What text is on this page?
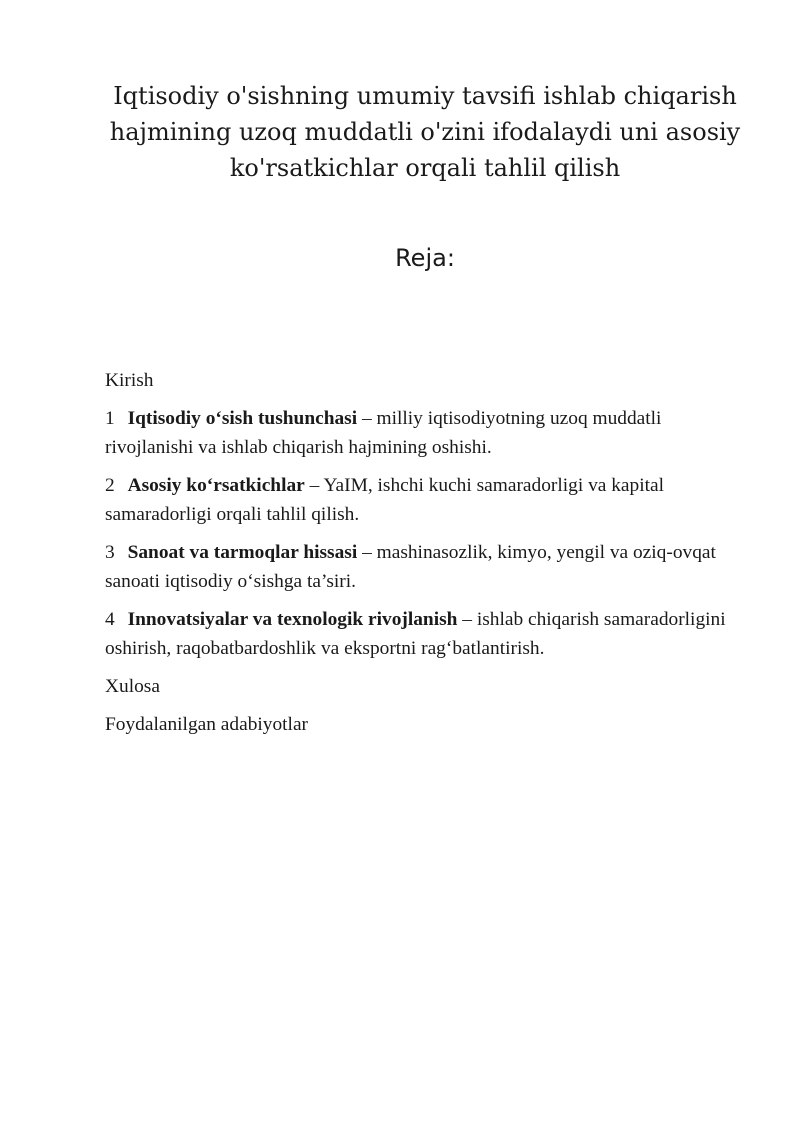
Iqtisodiy o'sishning umumiy tavsifi ishlab chiqarish hajmining uzoq muddatli o'zini ifodalaydi uni asosiy ko'rsatkichlar orqali tahlil qilish
Reja:

Kirish

1 Iqtisodiy o‘sish tushunchasi – milliy iqtisodiyotning uzoq muddatli rivojlanishi va ishlab chiqarish hajmining oshishi.

2 Asosiy ko‘rsatkichlar – YaIM, ishchi kuchi samaradorligi va kapital samaradorligi orqali tahlil qilish.

3 Sanoat va tarmoqlar hissasi – mashinasozlik, kimyo, yengil va oziq-ovqat sanoati iqtisodiy o‘sishga ta’siri.

4 Innovatsiyalar va texnologik rivojlanish – ishlab chiqarish samaradorligini oshirish, raqobatbardoshlik va eksportni rag‘batlantirish.

Xulosa

Foydalanilgan adabiyotlar
